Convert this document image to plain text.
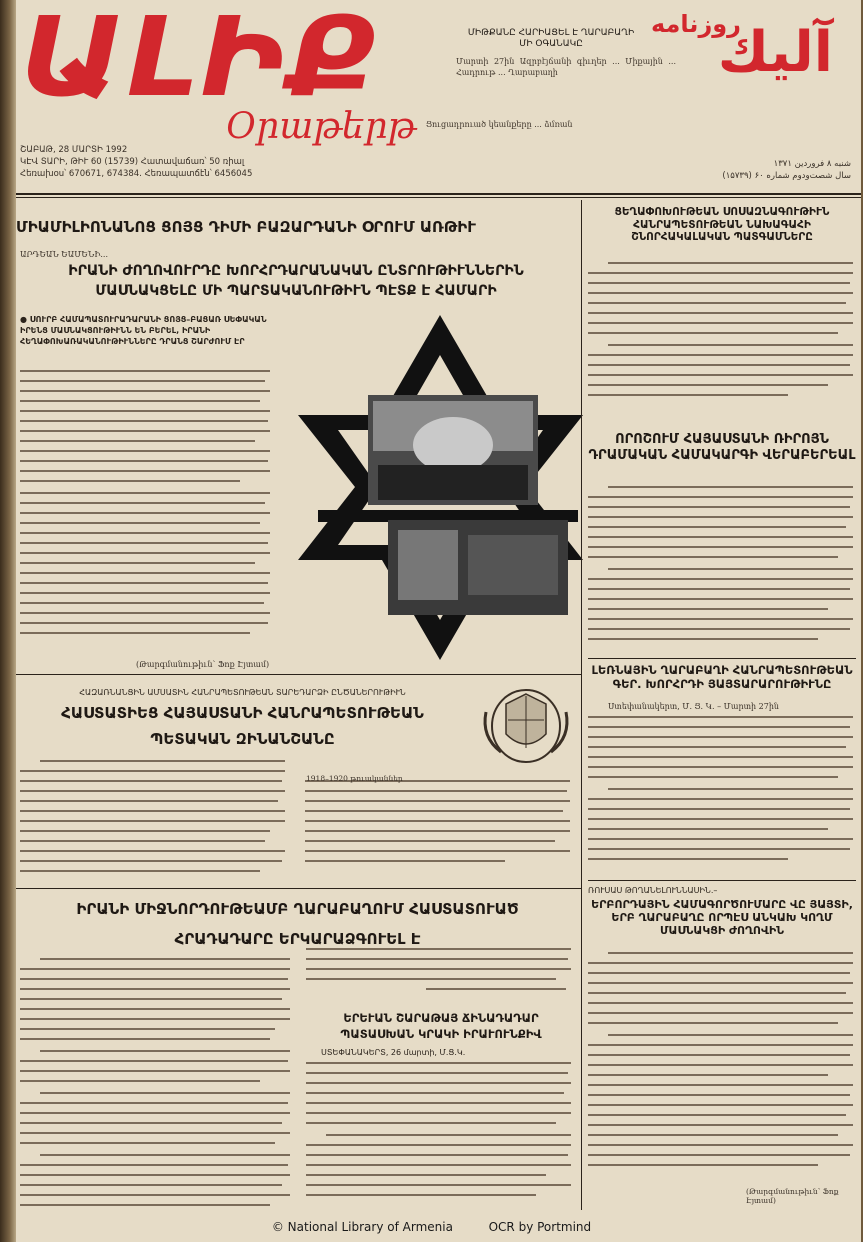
ԱԼԻՔ
Օրաթերթ
روزنامه
آليك
ՇԱԲԱԹ, 28 ՄԱՐՏԻ 1992
ԿԷՎ ՏԱՐԻ, ԹԻՒ 60 (15739) Հատավաճառ՝ 50 ռիալ
Հեռախօս՝ 670671, 674384. Հեռապատճէն՝ 6456045
شنبه ۸ فروردین ۱۳۷۱
سال شصت‌ودوم شماره ۶۰ (۱۵۷۳۹)
ՄԻԹՔԱՆԸ ՀԱՐԻԱՑԵԼ Է ՂԱՐԱԲԱՂԻ
ՄԻ ՕԳԱՆԱԿԸ
Մարտի 27ին Ազրբէյճանի գիւղեր ... Միքային ... Հադրութ ... Ղարաբաղի
Ցուցադրուած կեանքերը ... ձմռան
ՄԻԱՄԻԼԻՈՆԱՆՈՑ ՑՈՅՑ ԴԻՄԻ ԲԱԶԱՐԴԱՆԻ ՕՐՈՒՄ ԱՌԹԻՒ
ԱՐԴԵԱՆ ԵԱՄԵՆԻ...
ԻՐԱՆԻ ԺՈՂՈՎՈՒՐԴԸ ԽՈՐՀՐԴԱՐԱՆԱԿԱՆ ԸՆՏՐՈՒԹԻՒՆՆԵՐԻՆ
ՄԱՍՆԱԿՑԵԼԸ ՄԻ ՊԱՐՏԱԿԱՆՈՒԹԻՒՆ ՊԷՏՔ Է ՀԱՄԱՐԻ
● ՍՈՒՐԲ ՀԱՄԱՊԱՏՈՒՐԱԴԱՐԱՆԻ ՑՈՅՑ–ԲԱՑԱՌ ՍԵՓԱԿԱՆ ԻՐԵՆՑ ՄԱՍՆԱԿՑՈՒԹԻՒՆՆ ԵՆ ԲԵՐԵԼ, ԻՐԱՆԻ ՀԵՂԱՓՈԽԱՌԱԿԱՆՈՒԹԻՒՆՆԵՐԸ ԴՐԱՆՑ ՇԱՐԺՈՒՄ ԷՐ
(Թարգմանութիւն՝ Ֆոք Էյտամ)
ՑԵՂԱՓՈԽՈՒԹԵԱՆ ՍՈՍԱԶՆԱԳՈՒԹԻՒՆ ՀԱՆՐԱՊԵՏՈՒԹԵԱՆ ՆԱԽԱԳԱՀԻ ՇՆՈՐՀԱԿԱԼԱԿԱՆ ՊԱՏԳԱՄՆԵՐԸ
ՈՐՈՇՈՒՄ ՀԱՅԱՍՏԱՆԻ ՌԻՐՈՅՆ ԴՐԱՄԱԿԱՆ ՀԱՄԱԿԱՐԳԻ ՎԵՐԱԲԵՐԵԱԼ
ԼԵՌՆԱՅԻՆ ՂԱՐԱԲԱՂԻ ՀԱՆՐԱՊԵՏՈՒԹԵԱՆ ԳԵՐ. ԽՈՐՀՐԴԻ ՅԱՅՏԱՐԱՐՈՒԹԻՒՆԸ
Ստեփանակերտ, Մ. Ց. Կ. – Մարտի 27ին
ՌՈՒՍԱՍ ԹՈՂԱՆԵԼՈՒՆՆԱՍԻՆ.–
ԵՐԲՈՐԴԱՅԻՆ ՀԱՄԱԳՈՐԾՈՒՄԱՐԸ ՎԸ ՅԱՅՏԻ, ԵՐԲ ՂԱՐԱԲԱՂԸ ՈՐՊԷՍ ԱՆԿԱԽ ԿՈՂՄ ՄԱՍՆԱԿՑԻ ԺՈՂՈՎԻՆ
(Թարգմանութիւն՝ Ֆոք Էյտամ)
ՀԱԶԱՌՆԱՆՑԻՆ ԱՄՍԱՏԻՆ ՀԱՆՐԱՊԵՏՈՒԹԵԱՆ ՏԱՐԵԴԱՐՁԻ ԸՆԾԱՆԵՐՈՒԹԻՒՆ
ՀԱՍՏԱՏԻԵՑ ՀԱՅԱՍՏԱՆԻ ՀԱՆՐԱՊԵՏՈՒԹԵԱՆ
ՊԵՏԱԿԱՆ ԶԻՆԱՆՇԱՆԸ
1918–1920 թուականներ
ԻՐԱՆԻ ՄԻՋՆՈՐԴՈՒԹԵԱՄԲ ՂԱՐԱԲԱՂՈՒՄ ՀԱՍՏԱՏՈՒԱԾ
ՀՐԱԴԱԴԱՐԸ ԵՐԿԱՐԱՁԳՈՒԵԼ Է
ԵՐԵՒԱՆ ՇԱՐԱԹԱՅ ՃԻՆԱԴԱԴԱՐ
ՊԱՏԱՍԽԱՆ ԿՐԱԿԻ ԻՐԱՒՈՒՆՔԻՎ
ՍՏԵՓԱՆԱԿԵՐՏ, 26 մարտի, Մ.Ց.Կ.
© National Library of Armenia	OCR by Portmind
